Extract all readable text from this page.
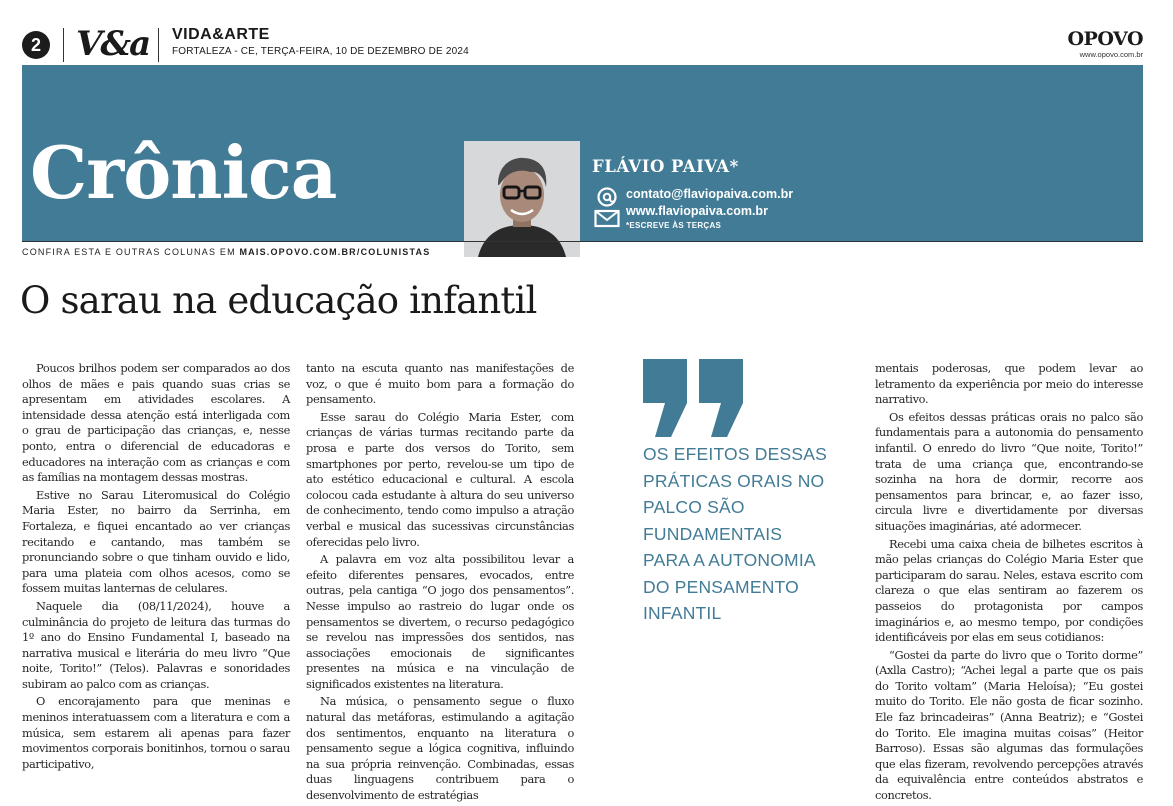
2 V&a VIDA&ARTE
FORTALEZA - CE, TERÇA-FEIRA, 10 DE DEZEMBRO DE 2024
OPOVO
www.opovo.com.br
Crônica	FLÁVIO PAIVA*
contato@flaviopaiva.com.br
www.flaviopaiva.com.br
*ESCREVE ÀS TERÇAS
CONFIRA ESTA E OUTRAS COLUNAS EM MAIS.OPOVO.COM.BR/COLUNISTAS
O sarau na educação infantil

Poucos brilhos podem ser comparados ao dos olhos de mães e pais quando suas crias se apresentam em atividades escolares. A intensidade dessa atenção está interligada com o grau de participação das crianças, e, nesse ponto, entra o diferencial de educadoras e educadores na interação com as crianças e com as famílias na montagem dessas mostras.

Estive no Sarau Literomusical do Colégio Maria Ester, no bairro da Serrinha, em Fortaleza, e fiquei encantado ao ver crianças recitando e cantando, mas também se pronunciando sobre o que tinham ouvido e lido, para uma plateia com olhos acesos, como se fossem muitas lanternas de celulares.

Naquele dia (08/11/2024), houve a culminância do projeto de leitura das turmas do 1º ano do Ensino Fundamental I, baseado na narrativa musical e literária do meu livro “Que noite, Torito!” (Telos). Palavras e sonoridades subiram ao palco com as crianças.

O encorajamento para que meninas e meninos interatuassem com a literatura e com a música, sem estarem ali apenas para fazer movimentos corporais bonitinhos, tornou o sarau participativo,

tanto na escuta quanto nas manifestações de voz, o que é muito bom para a formação do pensamento.

Esse sarau do Colégio Maria Ester, com crianças de várias turmas recitando parte da prosa e parte dos versos do Torito, sem smartphones por perto, revelou-se um tipo de ato estético educacional e cultural. A escola colocou cada estudante à altura do seu universo de conhecimento, tendo como impulso a atração verbal e musical das sucessivas circunstâncias oferecidas pelo livro.

A palavra em voz alta possibilitou levar a efeito diferentes pensares, evocados, entre outras, pela cantiga “O jogo dos pensamentos”. Nesse impulso ao rastreio do lugar onde os pensamentos se divertem, o recurso pedagógico se revelou nas impressões dos sentidos, nas associações emocionais de significantes presentes na música e na vinculação de significados existentes na literatura.

Na música, o pensamento segue o fluxo natural das metáforas, estimulando a agitação dos sentimentos, enquanto na literatura o pensamento segue a lógica cognitiva, influindo na sua própria reinvenção. Combinadas, essas duas linguagens contribuem para o desenvolvimento de estratégias

OS EFEITOS DESSAS PRÁTICAS ORAIS NO PALCO SÃO FUNDAMENTAIS PARA A AUTONOMIA DO PENSAMENTO INFANTIL

mentais poderosas, que podem levar ao letramento da experiência por meio do interesse narrativo.

Os efeitos dessas práticas orais no palco são fundamentais para a autonomia do pensamento infantil. O enredo do livro “Que noite, Torito!” trata de uma criança que, encontrando-se sozinha na hora de dormir, recorre aos pensamentos para brincar, e, ao fazer isso, circula livre e divertidamente por diversas situações imaginárias, até adormecer.

Recebi uma caixa cheia de bilhetes escritos à mão pelas crianças do Colégio Maria Ester que participaram do sarau. Neles, estava escrito com clareza o que elas sentiram ao fazerem os passeios do protagonista por campos imaginários e, ao mesmo tempo, por condições identificáveis por elas em seus cotidianos:

“Gostei da parte do livro que o Torito dorme” (Axlla Castro); “Achei legal a parte que os pais do Torito voltam” (Maria Heloísa); “Eu gostei muito do Torito. Ele não gosta de ficar sozinho. Ele faz brincadeiras” (Anna Beatriz); e “Gostei do Torito. Ele imagina muitas coisas” (Heitor Barroso). Essas são algumas das formulações que elas fizeram, revolvendo percepções através da equivalência entre conteúdos abstratos e concretos.
